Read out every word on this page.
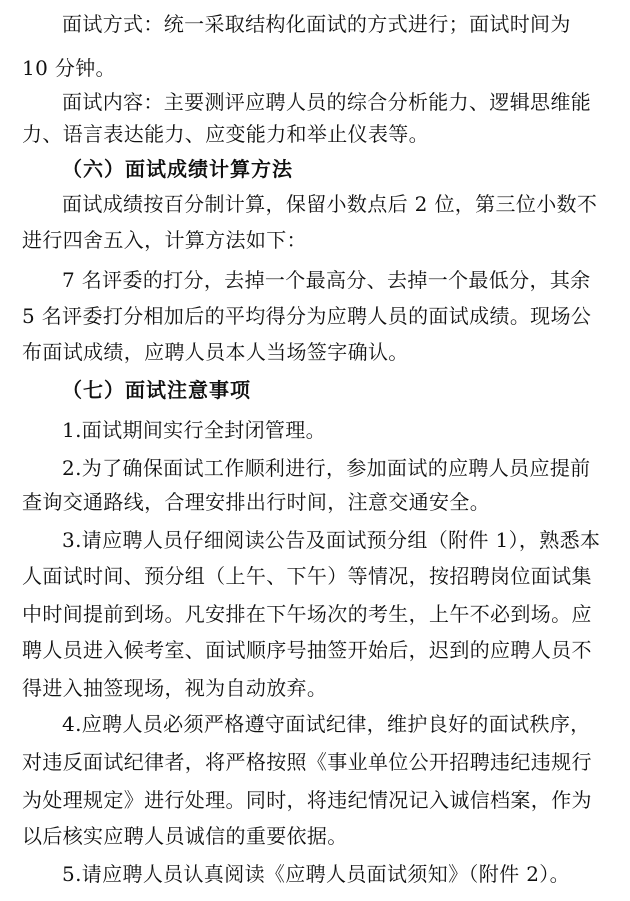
面试方式：统一采取结构化面试的方式进行；面试时间为
10 分钟。
面试内容：主要测评应聘人员的综合分析能力、逻辑思维能
力、语言表达能力、应变能力和举止仪表等。
（六）面试成绩计算方法
面试成绩按百分制计算，保留小数点后 2 位，第三位小数不
进行四舍五入，计算方法如下：
7 名评委的打分，去掉一个最高分、去掉一个最低分，其余
5 名评委打分相加后的平均得分为应聘人员的面试成绩。现场公
布面试成绩，应聘人员本人当场签字确认。
（七）面试注意事项
1.面试期间实行全封闭管理。
2.为了确保面试工作顺利进行，参加面试的应聘人员应提前
查询交通路线，合理安排出行时间，注意交通安全。
3.请应聘人员仔细阅读公告及面试预分组（附件 1），熟悉本
人面试时间、预分组（上午、下午）等情况，按招聘岗位面试集
中时间提前到场。凡安排在下午场次的考生，上午不必到场。应
聘人员进入候考室、面试顺序号抽签开始后，迟到的应聘人员不
得进入抽签现场，视为自动放弃。
4.应聘人员必须严格遵守面试纪律，维护良好的面试秩序，
对违反面试纪律者，将严格按照《事业单位公开招聘违纪违规行
为处理规定》进行处理。同时，将违纪情况记入诚信档案，作为
以后核实应聘人员诚信的重要依据。
5.请应聘人员认真阅读《应聘人员面试须知》（附件 2）。
